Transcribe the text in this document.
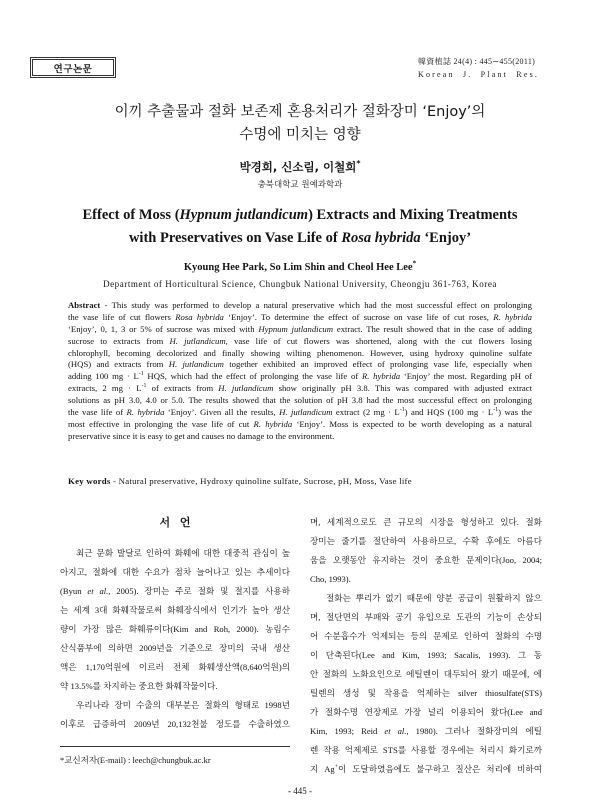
연구논문
韓資植誌 24(4) : 445∼455(2011)
Korean J. Plant Res.
이끼 추출물과 절화 보존제 혼용처리가 절화장미 ‘Enjoy’의
수명에 미치는 영향
박경희, 신소림, 이철희*
충북대학교 원예과학과
Effect of Moss (Hypnum jutlandicum) Extracts and Mixing Treatments
with Preservatives on Vase Life of Rosa hybrida ‘Enjoy’
Kyoung Hee Park, So Lim Shin and Cheol Hee Lee*
Department of Horticultural Science, Chungbuk National University, Cheongju 361-763, Korea
Abstract - This study was performed to develop a natural preservative which had the most successful effect on prolonging
the vase life of cut flowers Rosa hybrida ‘Enjoy’. To determine the effect of sucrose on vase life of cut roses, R. hybrida
‘Enjoy’, 0, 1, 3 or 5% of sucrose was mixed with Hypnum jutlandicum extract. The result showed that in the case of adding
sucrose to extracts from H. jutlandicum, vase life of cut flowers was shortened, along with the cut flowers losing
chlorophyll, becoming decolorized and finally showing wilting phenomenon. However, using hydroxy quinoline sulfate
(HQS) and extracts from H. jutlandicum together exhibited an improved effect of prolonging vase life, especially when
adding 100 mg · $L^{-1}$ HQS, which had the effect of prolonging the vase life of R. hybrida ‘Enjoy’ the most. Regarding pH of
extracts, 2 mg · $L^{-1}$ of extracts from H. jutlandicum show originally pH 3.8. This was compared with adjusted extract
solutions as pH 3.0, 4.0 or 5.0. The results showed that the solution of pH 3.8 had the most successful effect on prolonging
the vase life of R. hybrida ‘Enjoy’. Given all the results, H. jutlandicum extract (2 mg · $L^{-1}$) and HQS (100 mg · $L^{-1}$) was the
most effective in prolonging the vase life of cut R. hybrida ‘Enjoy’. Moss is expected to be worth developing as a natural
preservative since it is easy to get and causes no damage to the environment.
Key words - Natural preservative, Hydroxy quinoline sulfate, Sucrose, pH, Moss, Vase life
서 언
최근 문화 발달로 인하여 화훼에 대한 대중적 관심이 높
아지고, 절화에 대한 수요가 점차 늘어나고 있는 추세이다
(Byun et al., 2005). 장미는 주로 절화 및 절지를 사용하
는 세계 3대 화훼작물로써 화훼장식에서 인기가 높아 생산
량이 가장 많은 화훼류이다(Kim and Roh, 2000). 농림수
산식품부에 의하면 2009년을 기준으로 장미의 국내 생산
액은 1,170억원에 이르러 전체 화훼생산액(8,640억원)의
약 13.5%를 차지하는 중요한 화훼작물이다.
우리나라 장미 수출의 대부분은 절화의 형태로 1998년
이후로 급증하여 2009년 20,132천불 정도를 수출하였으
*교신저자(E-mail) : leech@chungbuk.ac.kr
며, 세계적으로도 큰 규모의 시장을 형성하고 있다. 절화
장미는 줄기를 절단하여 사용하므로, 수확 후에도 아름다
움을 오랫동안 유지하는 것이 중요한 문제이다(Joo, 2004;
Cho, 1993).
절화는 뿌리가 없기 때문에 양분 공급이 원활하지 않으
며, 절단면의 부패와 공기 유입으로 도관의 기능이 손상되
어 수분흡수가 억제되는 등의 문제로 인하여 절화의 수명
이 단축된다(Lee and Kim, 1993; Sacalis, 1993). 그 동
안 절화의 노화요인으로 에틸렌이 대두되어 왔기 때문에, 에
틸렌의 생성 및 작용을 억제하는 silver thiosulfate(STS)
가 절화수명 연장제로 가장 널리 이용되어 왔다(Lee and
Kim, 1993; Reid et al., 1980). 그러나 절화장미의 에틸
렌 작용 억제제로 STS를 사용할 경우에는 처리시 화기로까
지 Ag+이 도달하였음에도 불구하고 질산은 처리에 비하여
- 445 -
